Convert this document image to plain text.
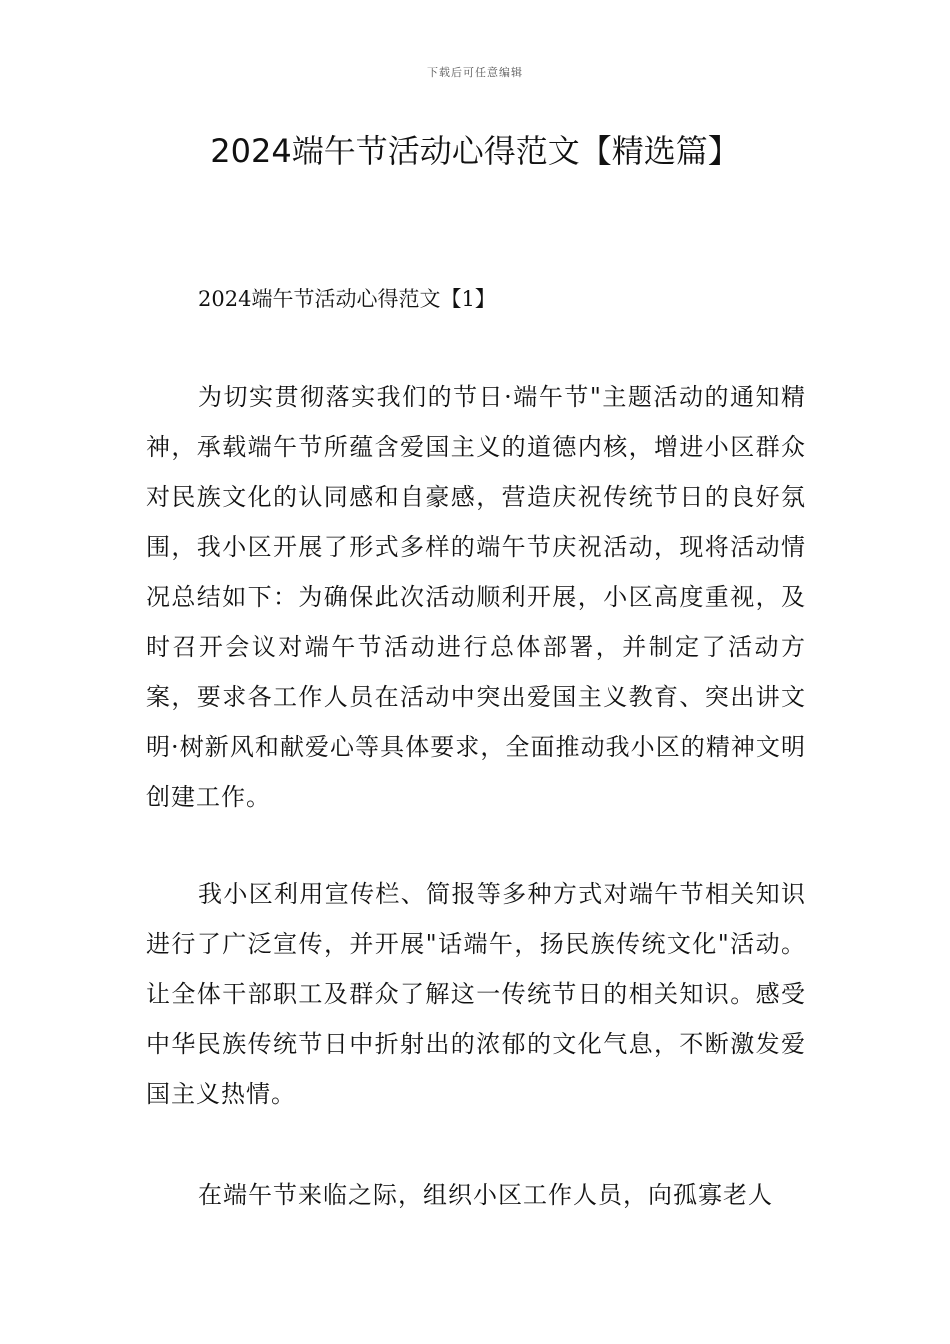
下载后可任意编辑
2024端午节活动心得范文【精选篇】
2024端午节活动心得范文【1】

为切实贯彻落实我们的节日·端午节"主题活动的通知精神，承载端午节所蕴含爱国主义的道德内核，增进小区群众对民族文化的认同感和自豪感，营造庆祝传统节日的良好氛围，我小区开展了形式多样的端午节庆祝活动，现将活动情况总结如下：为确保此次活动顺利开展，小区高度重视，及时召开会议对端午节活动进行总体部署，并制定了活动方案，要求各工作人员在活动中突出爱国主义教育、突出讲文明·树新风和献爱心等具体要求，全面推动我小区的精神文明创建工作。

我小区利用宣传栏、简报等多种方式对端午节相关知识进行了广泛宣传，并开展"话端午，扬民族传统文化"活动。让全体干部职工及群众了解这一传统节日的相关知识。感受中华民族传统节日中折射出的浓郁的文化气息，不断激发爱国主义热情。

在端午节来临之际，组织小区工作人员，向孤寡老人
